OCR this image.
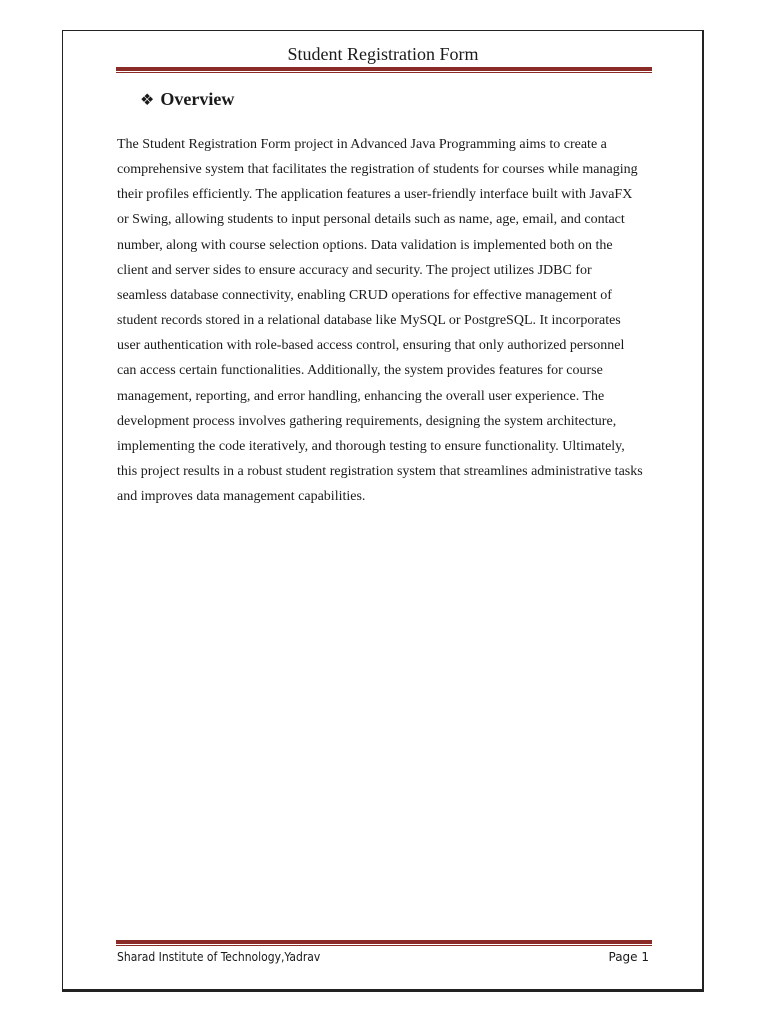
Student Registration Form
❖ Overview
The Student Registration Form project in Advanced Java Programming aims to create a
comprehensive system that facilitates the registration of students for courses while managing
their profiles efficiently. The application features a user-friendly interface built with JavaFX
or Swing, allowing students to input personal details such as name, age, email, and contact
number, along with course selection options. Data validation is implemented both on the
client and server sides to ensure accuracy and security. The project utilizes JDBC for
seamless database connectivity, enabling CRUD operations for effective management of
student records stored in a relational database like MySQL or PostgreSQL. It incorporates
user authentication with role-based access control, ensuring that only authorized personnel
can access certain functionalities. Additionally, the system provides features for course
management, reporting, and error handling, enhancing the overall user experience. The
development process involves gathering requirements, designing the system architecture,
implementing the code iteratively, and thorough testing to ensure functionality. Ultimately,
this project results in a robust student registration system that streamlines administrative tasks
and improves data management capabilities.
Sharad Institute of Technology,Yadrav	Page 1
